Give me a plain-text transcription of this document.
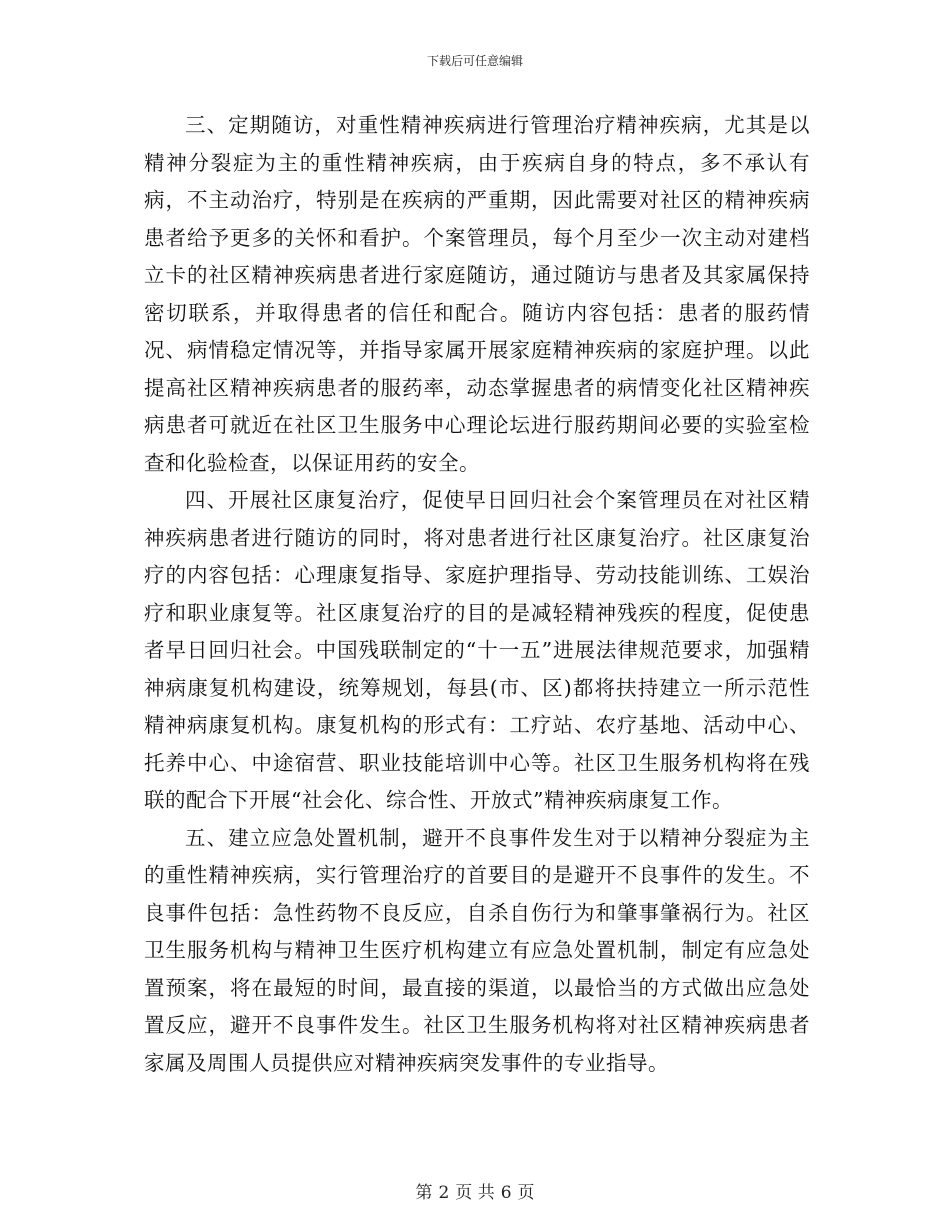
下载后可任意编辑

三、定期随访，对重性精神疾病进行管理治疗精神疾病，尤其是以精神分裂症为主的重性精神疾病，由于疾病自身的特点，多不承认有病，不主动治疗，特别是在疾病的严重期，因此需要对社区的精神疾病患者给予更多的关怀和看护。个案管理员，每个月至少一次主动对建档立卡的社区精神疾病患者进行家庭随访，通过随访与患者及其家属保持密切联系，并取得患者的信任和配合。随访内容包括：患者的服药情况、病情稳定情况等，并指导家属开展家庭精神疾病的家庭护理。以此提高社区精神疾病患者的服药率，动态掌握患者的病情变化社区精神疾病患者可就近在社区卫生服务中心理论坛进行服药期间必要的实验室检查和化验检查，以保证用药的安全。

四、开展社区康复治疗，促使早日回归社会个案管理员在对社区精神疾病患者进行随访的同时，将对患者进行社区康复治疗。社区康复治疗的内容包括：心理康复指导、家庭护理指导、劳动技能训练、工娱治疗和职业康复等。社区康复治疗的目的是减轻精神残疾的程度，促使患者早日回归社会。中国残联制定的“十一五”进展法律规范要求，加强精神病康复机构建设，统筹规划，每县(市、区)都将扶持建立一所示范性精神病康复机构。康复机构的形式有：工疗站、农疗基地、活动中心、托养中心、中途宿营、职业技能培训中心等。社区卫生服务机构将在残联的配合下开展“社会化、综合性、开放式”精神疾病康复工作。

五、建立应急处置机制，避开不良事件发生对于以精神分裂症为主的重性精神疾病，实行管理治疗的首要目的是避开不良事件的发生。不良事件包括：急性药物不良反应，自杀自伤行为和肇事肇祸行为。社区卫生服务机构与精神卫生医疗机构建立有应急处置机制，制定有应急处置预案，将在最短的时间，最直接的渠道，以最恰当的方式做出应急处置反应，避开不良事件发生。社区卫生服务机构将对社区精神疾病患者家属及周围人员提供应对精神疾病突发事件的专业指导。

第 2 页 共 6 页
